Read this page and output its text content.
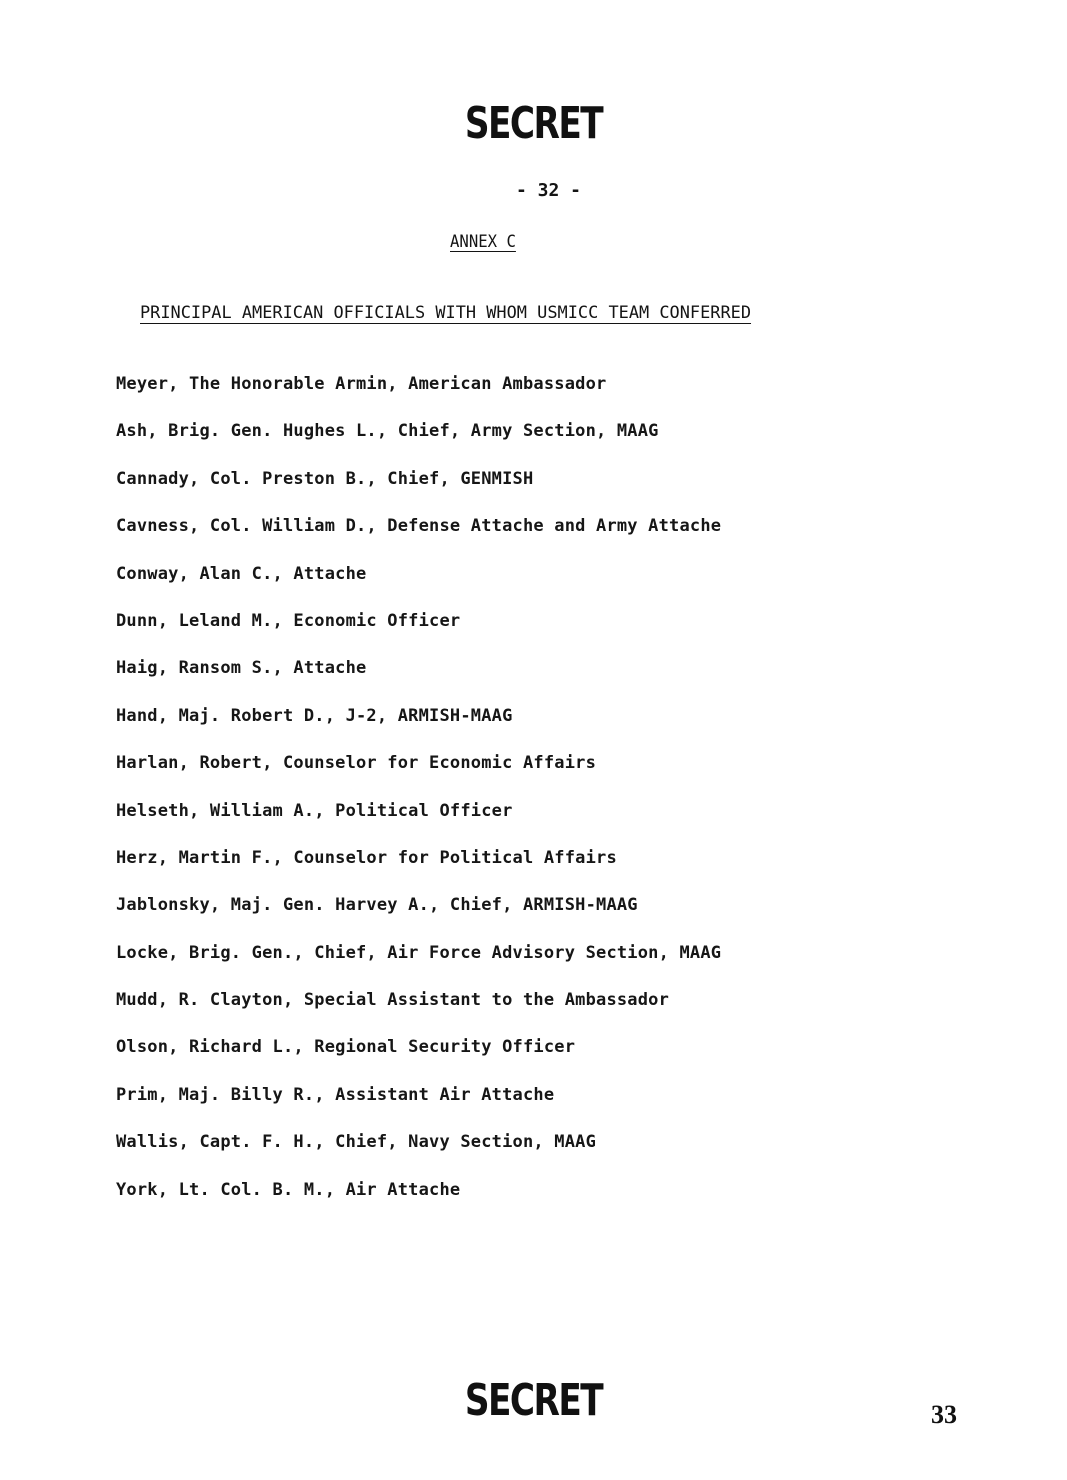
SECRET
- 32 -
ANNEX C
PRINCIPAL AMERICAN OFFICIALS WITH WHOM USMICC TEAM CONFERRED
Meyer, The Honorable Armin, American Ambassador
Ash, Brig. Gen. Hughes L., Chief, Army Section, MAAG
Cannady, Col. Preston B., Chief, GENMISH
Cavness, Col. William D., Defense Attache and Army Attache
Conway, Alan C., Attache
Dunn, Leland M., Economic Officer
Haig, Ransom S., Attache
Hand, Maj. Robert D., J-2, ARMISH-MAAG
Harlan, Robert, Counselor for Economic Affairs
Helseth, William A., Political Officer
Herz, Martin F., Counselor for Political Affairs
Jablonsky, Maj. Gen. Harvey A., Chief, ARMISH-MAAG
Locke, Brig. Gen., Chief, Air Force Advisory Section, MAAG
Mudd, R. Clayton, Special Assistant to the Ambassador
Olson, Richard L., Regional Security Officer
Prim, Maj. Billy R., Assistant Air Attache
Wallis, Capt. F. H., Chief, Navy Section, MAAG
York, Lt. Col. B. M., Air Attache
SECRET	33
